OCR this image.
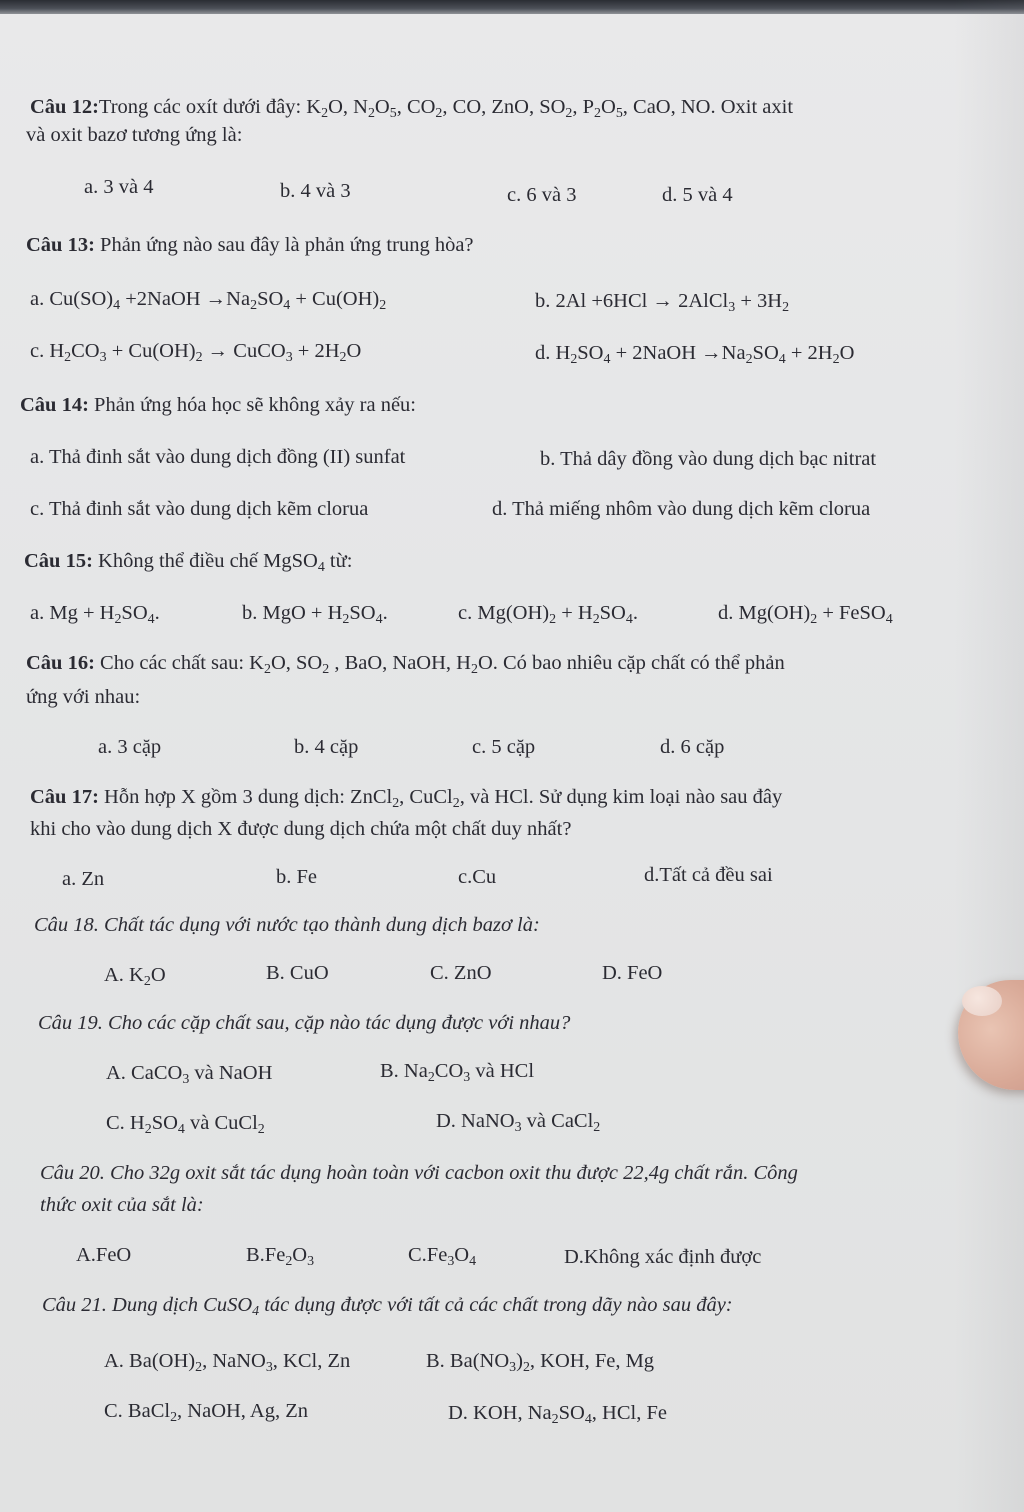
Câu 12:Trong các oxít dưới đây: $K_2O$, $N_2O_5$, $CO_2$, CO, ZnO, $SO_2$, $P_2O_5$, CaO, NO. Oxit axit
và oxit bazơ tương ứng là:
a. 3 và 4	b. 4 và 3	c. 6 và 3	d. 5 và 4
Câu 13: Phản ứng nào sau đây là phản ứng trung hòa?
a. $Cu(SO)_4$ +2NaOH $\to Na_2SO_4 + Cu(OH)_2$	b. 2Al +6HCl → 2AlCl$_3$ + $3H_2$
c. $H_2CO_3 + Cu(OH)_2$ → CuCO$_3$ + $2H_2O$	d. $H_2SO_4$ + 2NaOH $\to Na_2SO_4 + 2H_2O$
Câu 14: Phản ứng hóa học sẽ không xảy ra nếu:
a. Thả đinh sắt vào dung dịch đồng (II) sunfat	b. Thả dây đồng vào dung dịch bạc nitrat
c. Thả đinh sắt vào dung dịch kẽm clorua	d. Thả miếng nhôm vào dung dịch kẽm clorua
Câu 15: Không thể điều chế MgSO$_4$ từ:
a. $Mg + H_2SO_4$.	b. MgO + $H_2SO_4$.	c. $Mg(OH)_2 + H_2SO_4$.	d. $Mg(OH)_2$ + FeSO$_4$
Câu 16: Cho các chất sau: $K_2O$, $SO_2$ , BaO, NaOH, $H_2O$. Có bao nhiêu cặp chất có thể phản
ứng với nhau:
a. 3 cặp	b. 4 cặp	c. 5 cặp	d. 6 cặp
Câu 17: Hỗn hợp X gồm 3 dung dịch: ZnCl$_2$, CuCl$_2$, và HCl. Sử dụng kim loại nào sau đây
khi cho vào dung dịch X được dung dịch chứa một chất duy nhất?
a. Zn	b. Fe	c.Cu	d.Tất cả đều sai
Câu 18. Chất tác dụng với nước tạo thành dung dịch bazơ là:
A. $K_2O$	B. CuO	C. ZnO	D. FeO
Câu 19. Cho các cặp chất sau, cặp nào tác dụng được với nhau?
A. CaCO$_3$ và NaOH	B. $Na_2CO_3$ và HCl
C. $H_2SO_4$ và CuCl$_2$	D. NaNO$_3$ và CaCl$_2$
Câu 20. Cho 32g oxit sắt tác dụng hoàn toàn với cacbon oxit thu được 22,4g chất rắn. Công
thức oxit của sắt là:
A.FeO	$B.Fe_2O_3$	$C.Fe_3O_4$	D.Không xác định được
Câu 21. Dung dịch CuSO$_4$ tác dụng được với tất cả các chất trong dãy nào sau đây:
A. $Ba(OH)_2$, NaNO$_3$, KCl, Zn	B. $Ba(NO_3)_2$, KOH, Fe, Mg
C. BaCl$_2$, NaOH, Ag, Zn	D. KOH, $Na_2SO_4$, HCl, Fe
